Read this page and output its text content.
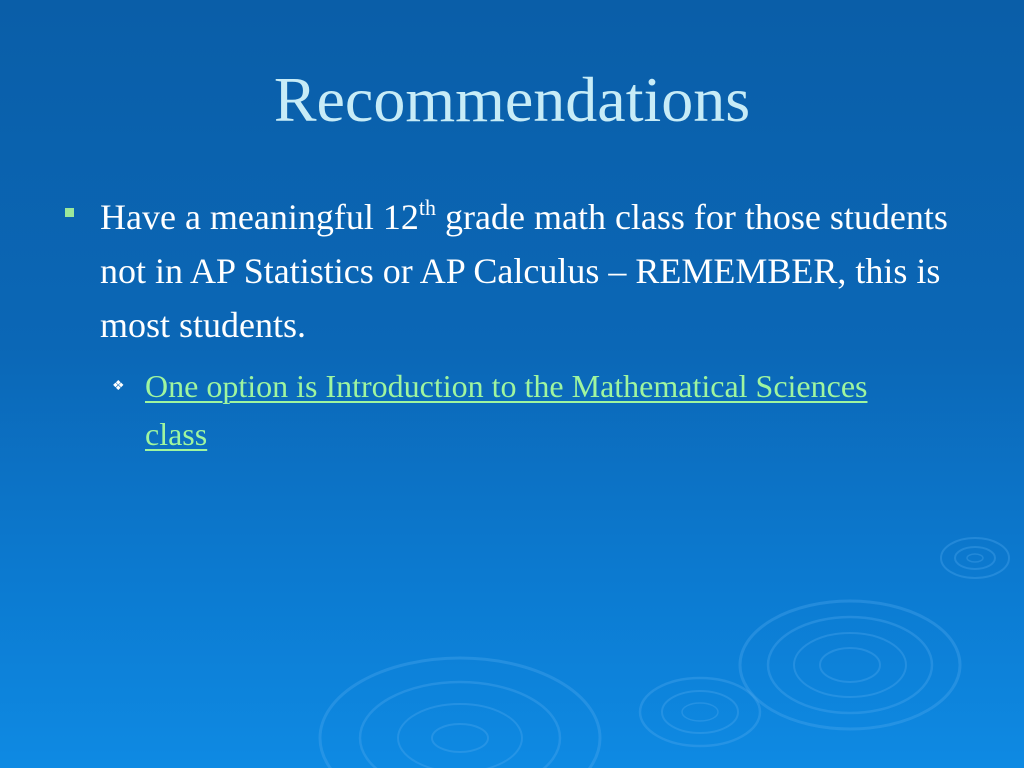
Recommendations
Have a meaningful 12th grade math class for those students not in AP Statistics or AP Calculus – REMEMBER, this is most students.
❖ One option is Introduction to the Mathematical Sciences class
